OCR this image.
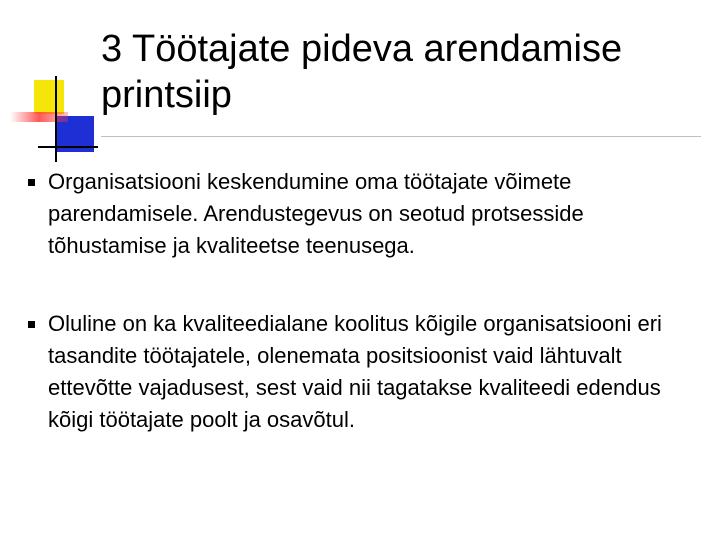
3 Töötajate pideva arendamise printsiip
Organisatsiooni keskendumine oma töötajate võimete parendamisele. Arendustegevus on seotud protsesside tõhustamise ja kvaliteetse teenusega.
Oluline on ka kvaliteedialane koolitus kõigile organisatsiooni eri tasandite töötajatele, olenemata positsioonist vaid lähtuvalt ettevõtte vajadusest, sest vaid nii tagatakse kvaliteedi edendus kõigi töötajate poolt ja osavõtul.
